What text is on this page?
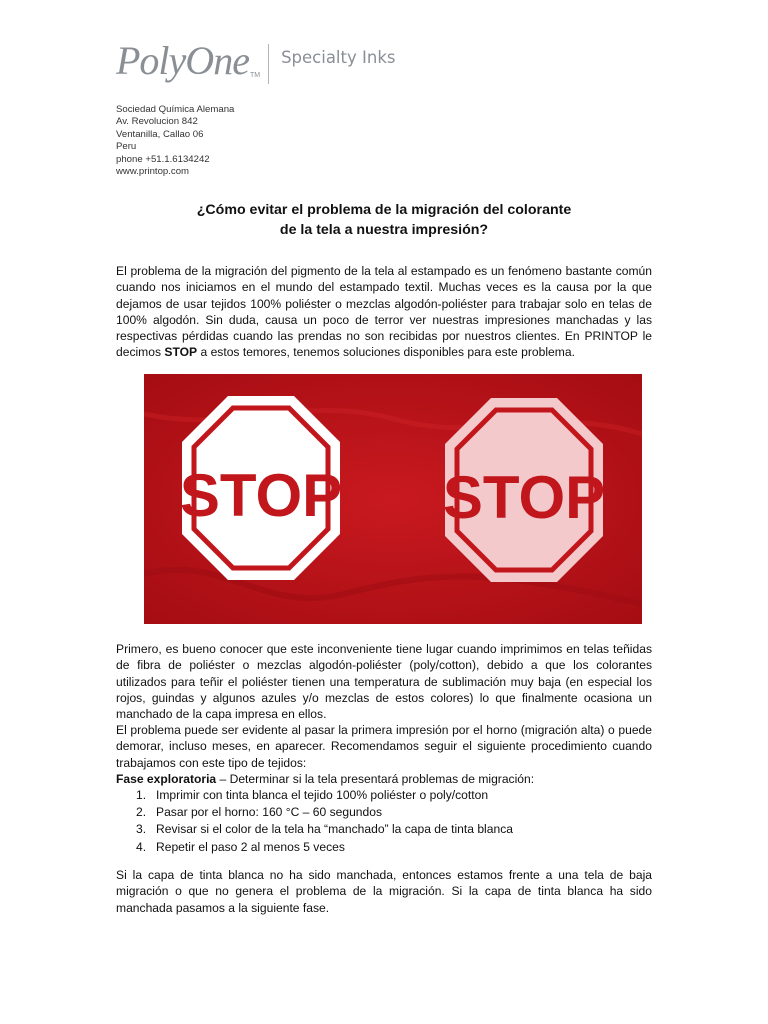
PolyOne TM
Specialty Inks
Sociedad Química Alemana
Av. Revolucion 842
Ventanilla, Callao 06
Peru
phone +51.1.6134242
www.printop.com
¿Cómo evitar el problema de la migración del colorante
de la tela a nuestra impresión?
El problema de la migración del pigmento de la tela al estampado es un fenómeno bastante común cuando nos iniciamos en el mundo del estampado textil. Muchas veces es la causa por la que dejamos de usar tejidos 100% poliéster o mezclas algodón-poliéster para trabajar solo en telas de 100% algodón. Sin duda, causa un poco de terror ver nuestras impresiones manchadas y las respectivas pérdidas cuando las prendas no son recibidas por nuestros clientes. En PRINTOP le decimos STOP a estos temores, tenemos soluciones disponibles para este problema.
STOP STOP
Primero, es bueno conocer que este inconveniente tiene lugar cuando imprimimos en telas teñidas de fibra de poliéster o mezclas algodón-poliéster (poly/cotton), debido a que los colorantes utilizados para teñir el poliéster tienen una temperatura de sublimación muy baja (en especial los rojos, guindas y algunos azules y/o mezclas de estos colores) lo que finalmente ocasiona un manchado de la capa impresa en ellos.
El problema puede ser evidente al pasar la primera impresión por el horno (migración alta) o puede demorar, incluso meses, en aparecer. Recomendamos seguir el siguiente procedimiento cuando trabajamos con este tipo de tejidos:
Fase exploratoria – Determinar si la tela presentará problemas de migración:
1. Imprimir con tinta blanca el tejido 100% poliéster o poly/cotton
2. Pasar por el horno: 160 °C – 60 segundos
3. Revisar si el color de la tela ha “manchado” la capa de tinta blanca
4. Repetir el paso 2 al menos 5 veces
Si la capa de tinta blanca no ha sido manchada, entonces estamos frente a una tela de baja migración o que no genera el problema de la migración. Si la capa de tinta blanca ha sido manchada pasamos a la siguiente fase.
